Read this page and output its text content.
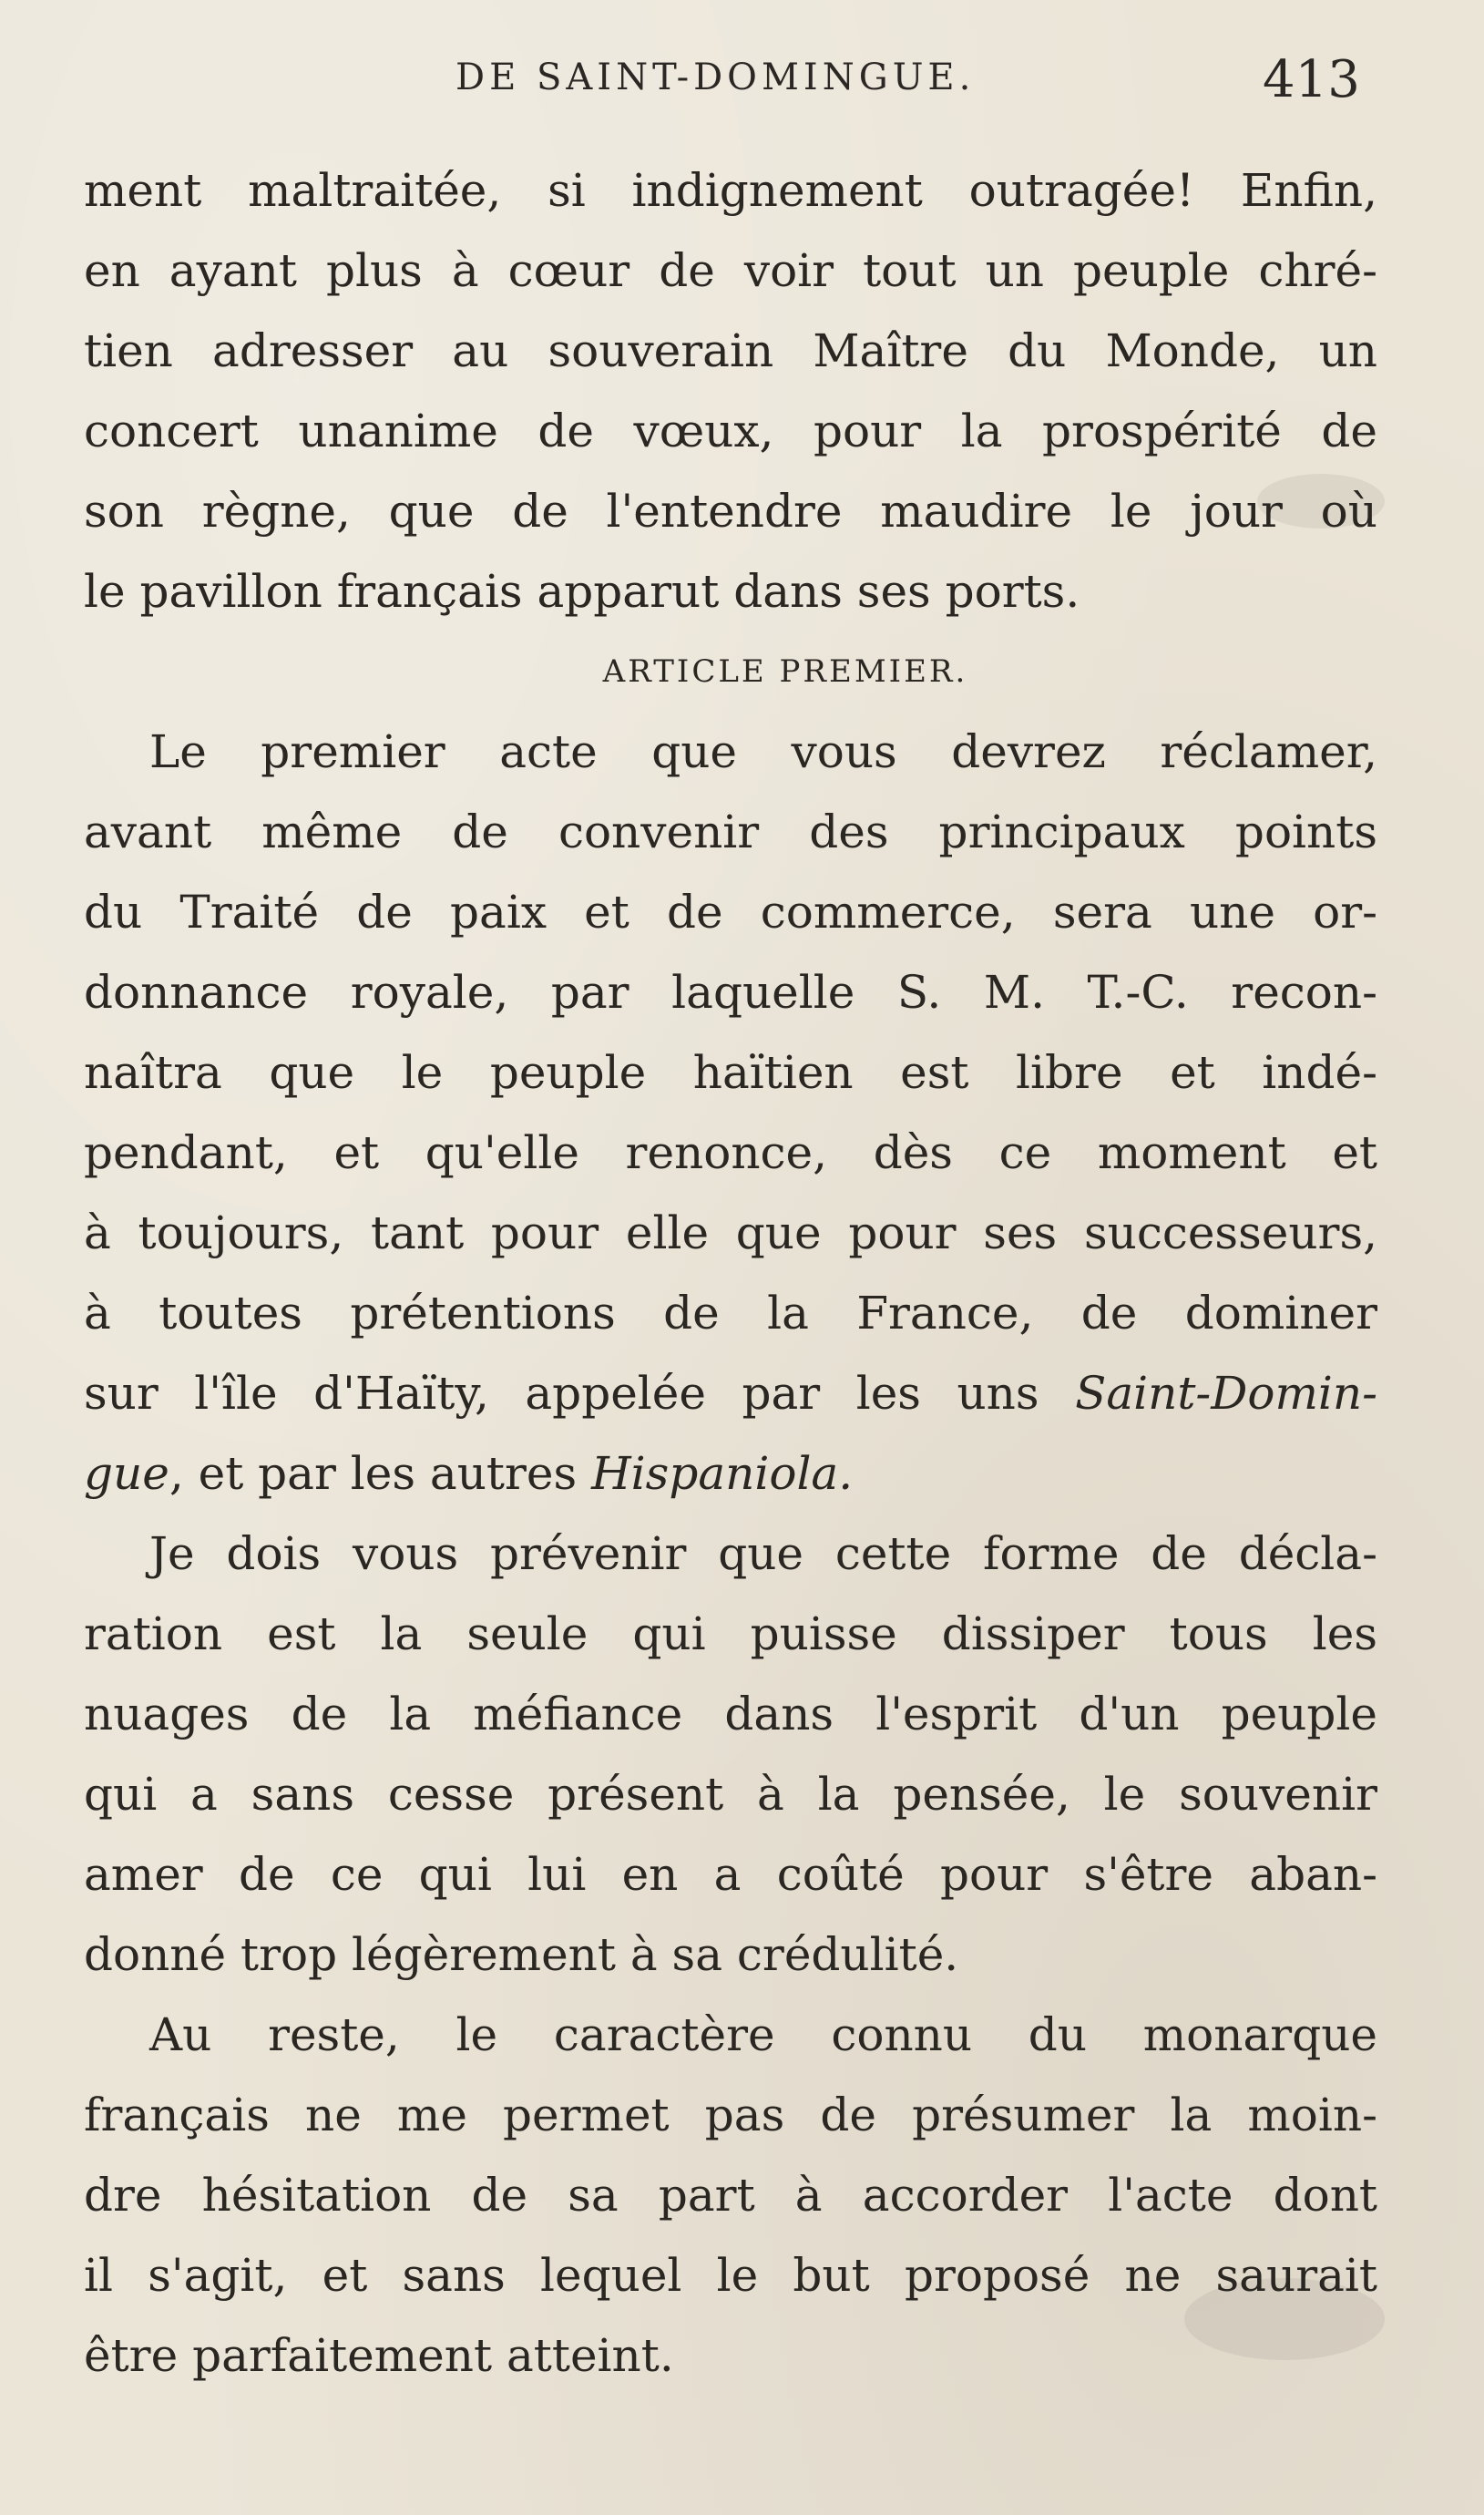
DE SAINT-DOMINGUE.	413
ment maltraitée, si indignement outragée! Enfin,
en ayant plus à cœur de voir tout un peuple chré-
tien adresser au souverain Maître du Monde, un
concert unanime de vœux, pour la prospérité de
son règne, que de l'entendre maudire le jour où
le pavillon français apparut dans ses ports.
ARTICLE PREMIER.
Le premier acte que vous devrez réclamer,
avant même de convenir des principaux points
du Traité de paix et de commerce, sera une or-
donnance royale, par laquelle S. M. T.-C. recon-
naîtra que le peuple haïtien est libre et indé-
pendant, et qu'elle renonce, dès ce moment et
à toujours, tant pour elle que pour ses successeurs,
à toutes prétentions de la France, de dominer
sur l'île d'Haïty, appelée par les uns Saint-Domin-
gue, et par les autres Hispaniola.
Je dois vous prévenir que cette forme de décla-
ration est la seule qui puisse dissiper tous les
nuages de la méfiance dans l'esprit d'un peuple
qui a sans cesse présent à la pensée, le souvenir
amer de ce qui lui en a coûté pour s'être aban-
donné trop légèrement à sa crédulité.
Au reste, le caractère connu du monarque
français ne me permet pas de présumer la moin-
dre hésitation de sa part à accorder l'acte dont
il s'agit, et sans lequel le but proposé ne saurait
être parfaitement atteint.
